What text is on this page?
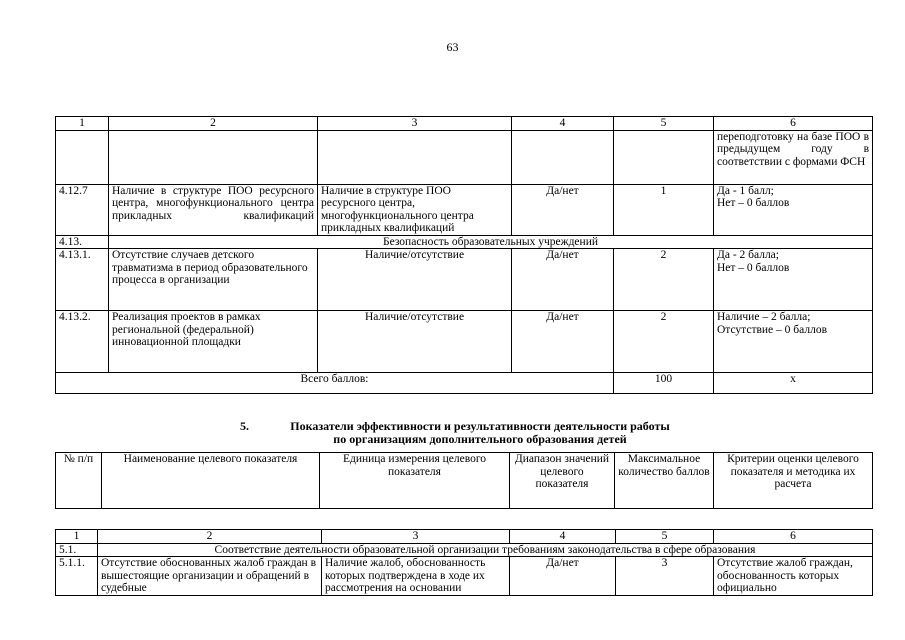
63
1	2	3	4	5	6
					переподготовку на базе ПОО в предыдущем году в соответствии с формами ФСН
4.12.7	Наличие в структуре ПОО ресурсного центра, многофункционального центра прикладных квалификаций	Наличие в структуре ПОО ресурсного центра, многофункционального центра прикладных квалификаций	Да/нет	1	Да - 1 балл;
Нет – 0 баллов

4.13.	Безопасность образовательных учреждений				
4.13.1.	Отсутствие случаев детского травматизма в период образовательного процесса в организации	Наличие/отсутствие	Да/нет	2	Да - 2 балла;
Нет – 0 баллов

4.13.2.	Реализация проектов в рамках региональной (федеральной) инновационной площадки	Наличие/отсутствие	Да/нет	2	Наличие – 2 балла;
Отсутствие – 0 баллов

Всего баллов:				100	х
5.	Показатели эффективности и результативности деятельности работы
по организациям дополнительного образования детей
№ п/п	Наименование целевого показателя	Единица измерения целевого показателя	Диапазон значений целевого показателя	Максимальное количество баллов	Критерии оценки целевого показателя и методика их расчета
1	2	3	4	5	6
5.1.	Соответствие деятельности образовательной организации требованиям законодательства в сфере образования				
5.1.1.	Отсутствие обоснованных жалоб граждан в вышестоящие организации и обращений в судебные	Наличие жалоб, обоснованность которых подтверждена в ходе их рассмотрения на основании	Да/нет	3	Отсутствие жалоб граждан, обоснованность которых официально
